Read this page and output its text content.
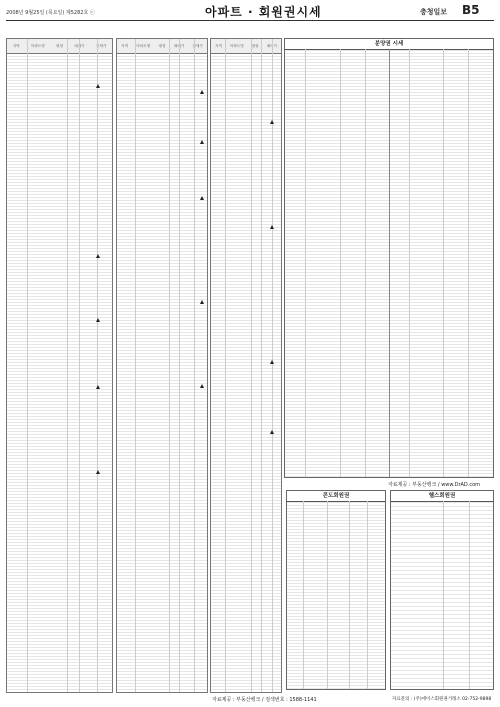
2008년 9월25일 (목요일) 제5282호 ⓒ	아파트 · 회원권시세	충청일보 B5
지역	아파트명	평형	매매가	전세가	지역 아파트명 평형 매매가 전세가	지역 아파트명 평형 매매가	분양권 시세
자료제공 : 부동산뱅크 / www.DrAD.com
콘도회원권	헬스회원권
자료제공 : 부동산뱅크 / 검색번호 : 1588-1141	자료문의 : (주)에이스회원권거래소 02-752-9898
